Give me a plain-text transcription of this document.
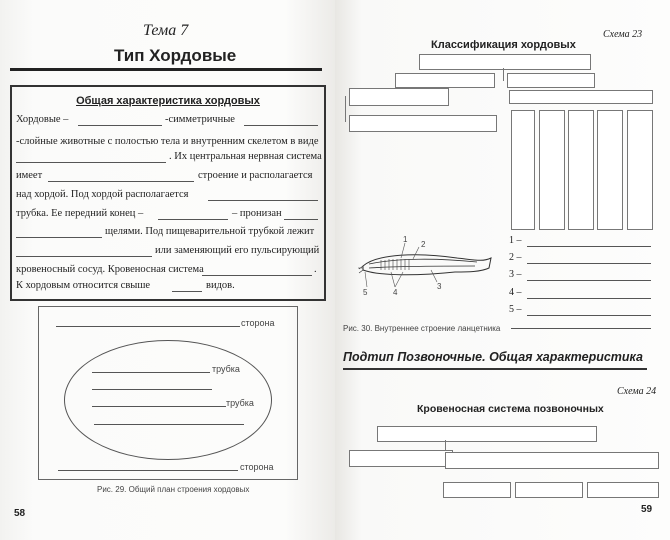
Тема 7
Тип Хордовые
Общая характеристика хордовых
Хордовые –	-симметричные
-слойные животные с полостью тела и внутренним скелетом в виде
. Их центральная нервная система
имеет	строение и располагается
над хордой. Под хордой располагается
трубка. Ее передний конец –	– пронизан
щелями. Под пищеварительной трубкой лежит
или заменяющий его пульсирующий
кровеносный сосуд. Кровеносная система	.
К хордовым относится свыше	видов.
сторона
трубка
трубка
сторона
Рис. 29. Общий план строения хордовых
58
Схема 23
Классификация хордовых
1
2
3
4
5
1 –
2 –
3 –
4 –
5 –
Рис. 30. Внутреннее строение ланцетника
Подтип Позвоночные. Общая характеристика
Схема 24
Кровеносная система позвоночных
59
